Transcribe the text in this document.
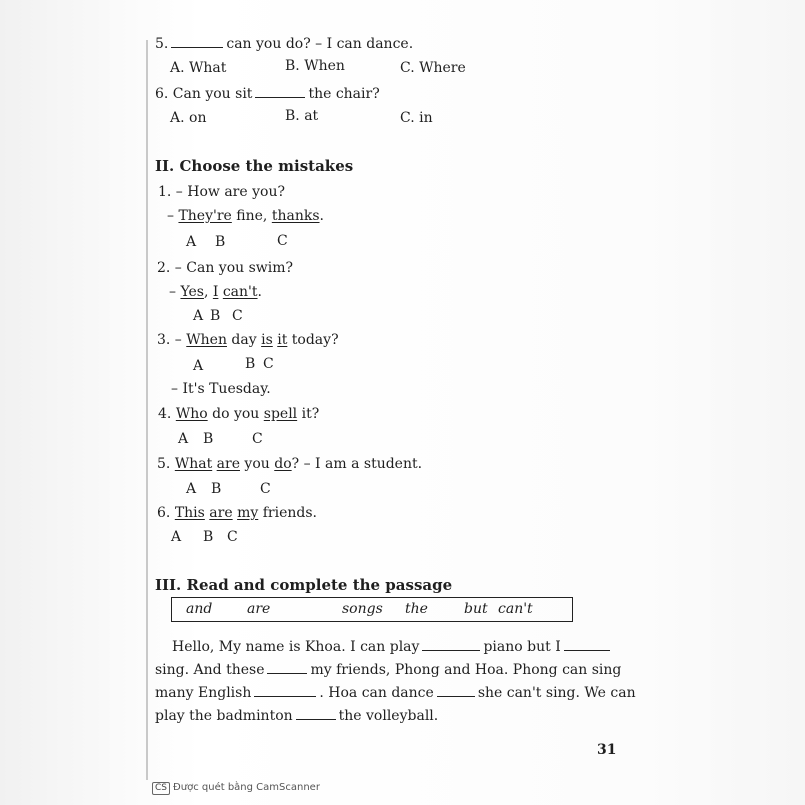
5.	can you do? – I can dance.
A. What	B. When	C. Where
6. Can you sit	the chair?
A. on	B. at	C. in
II. Choose the mistakes
1. – How are you?
– They're fine, thanks.
A B	C
2. – Can you swim?
– Yes, I can't.
A B C
3. – When day is it today?
A	B C
– It's Tuesday.
4. Who do you spell it?
A B	C
5. What are you do? – I am a student.
A B	C
6. This are my friends.
A B C
III. Read and complete the passage
and are	songs the	but can't
Hello, My name is Khoa. I can play	piano but I
sing. And these	my friends, Phong and Hoa. Phong can sing
many English	. Hoa can dance	she can't sing. We can
play the badminton	the volleyball.
31
CS Được quét bằng CamScanner
